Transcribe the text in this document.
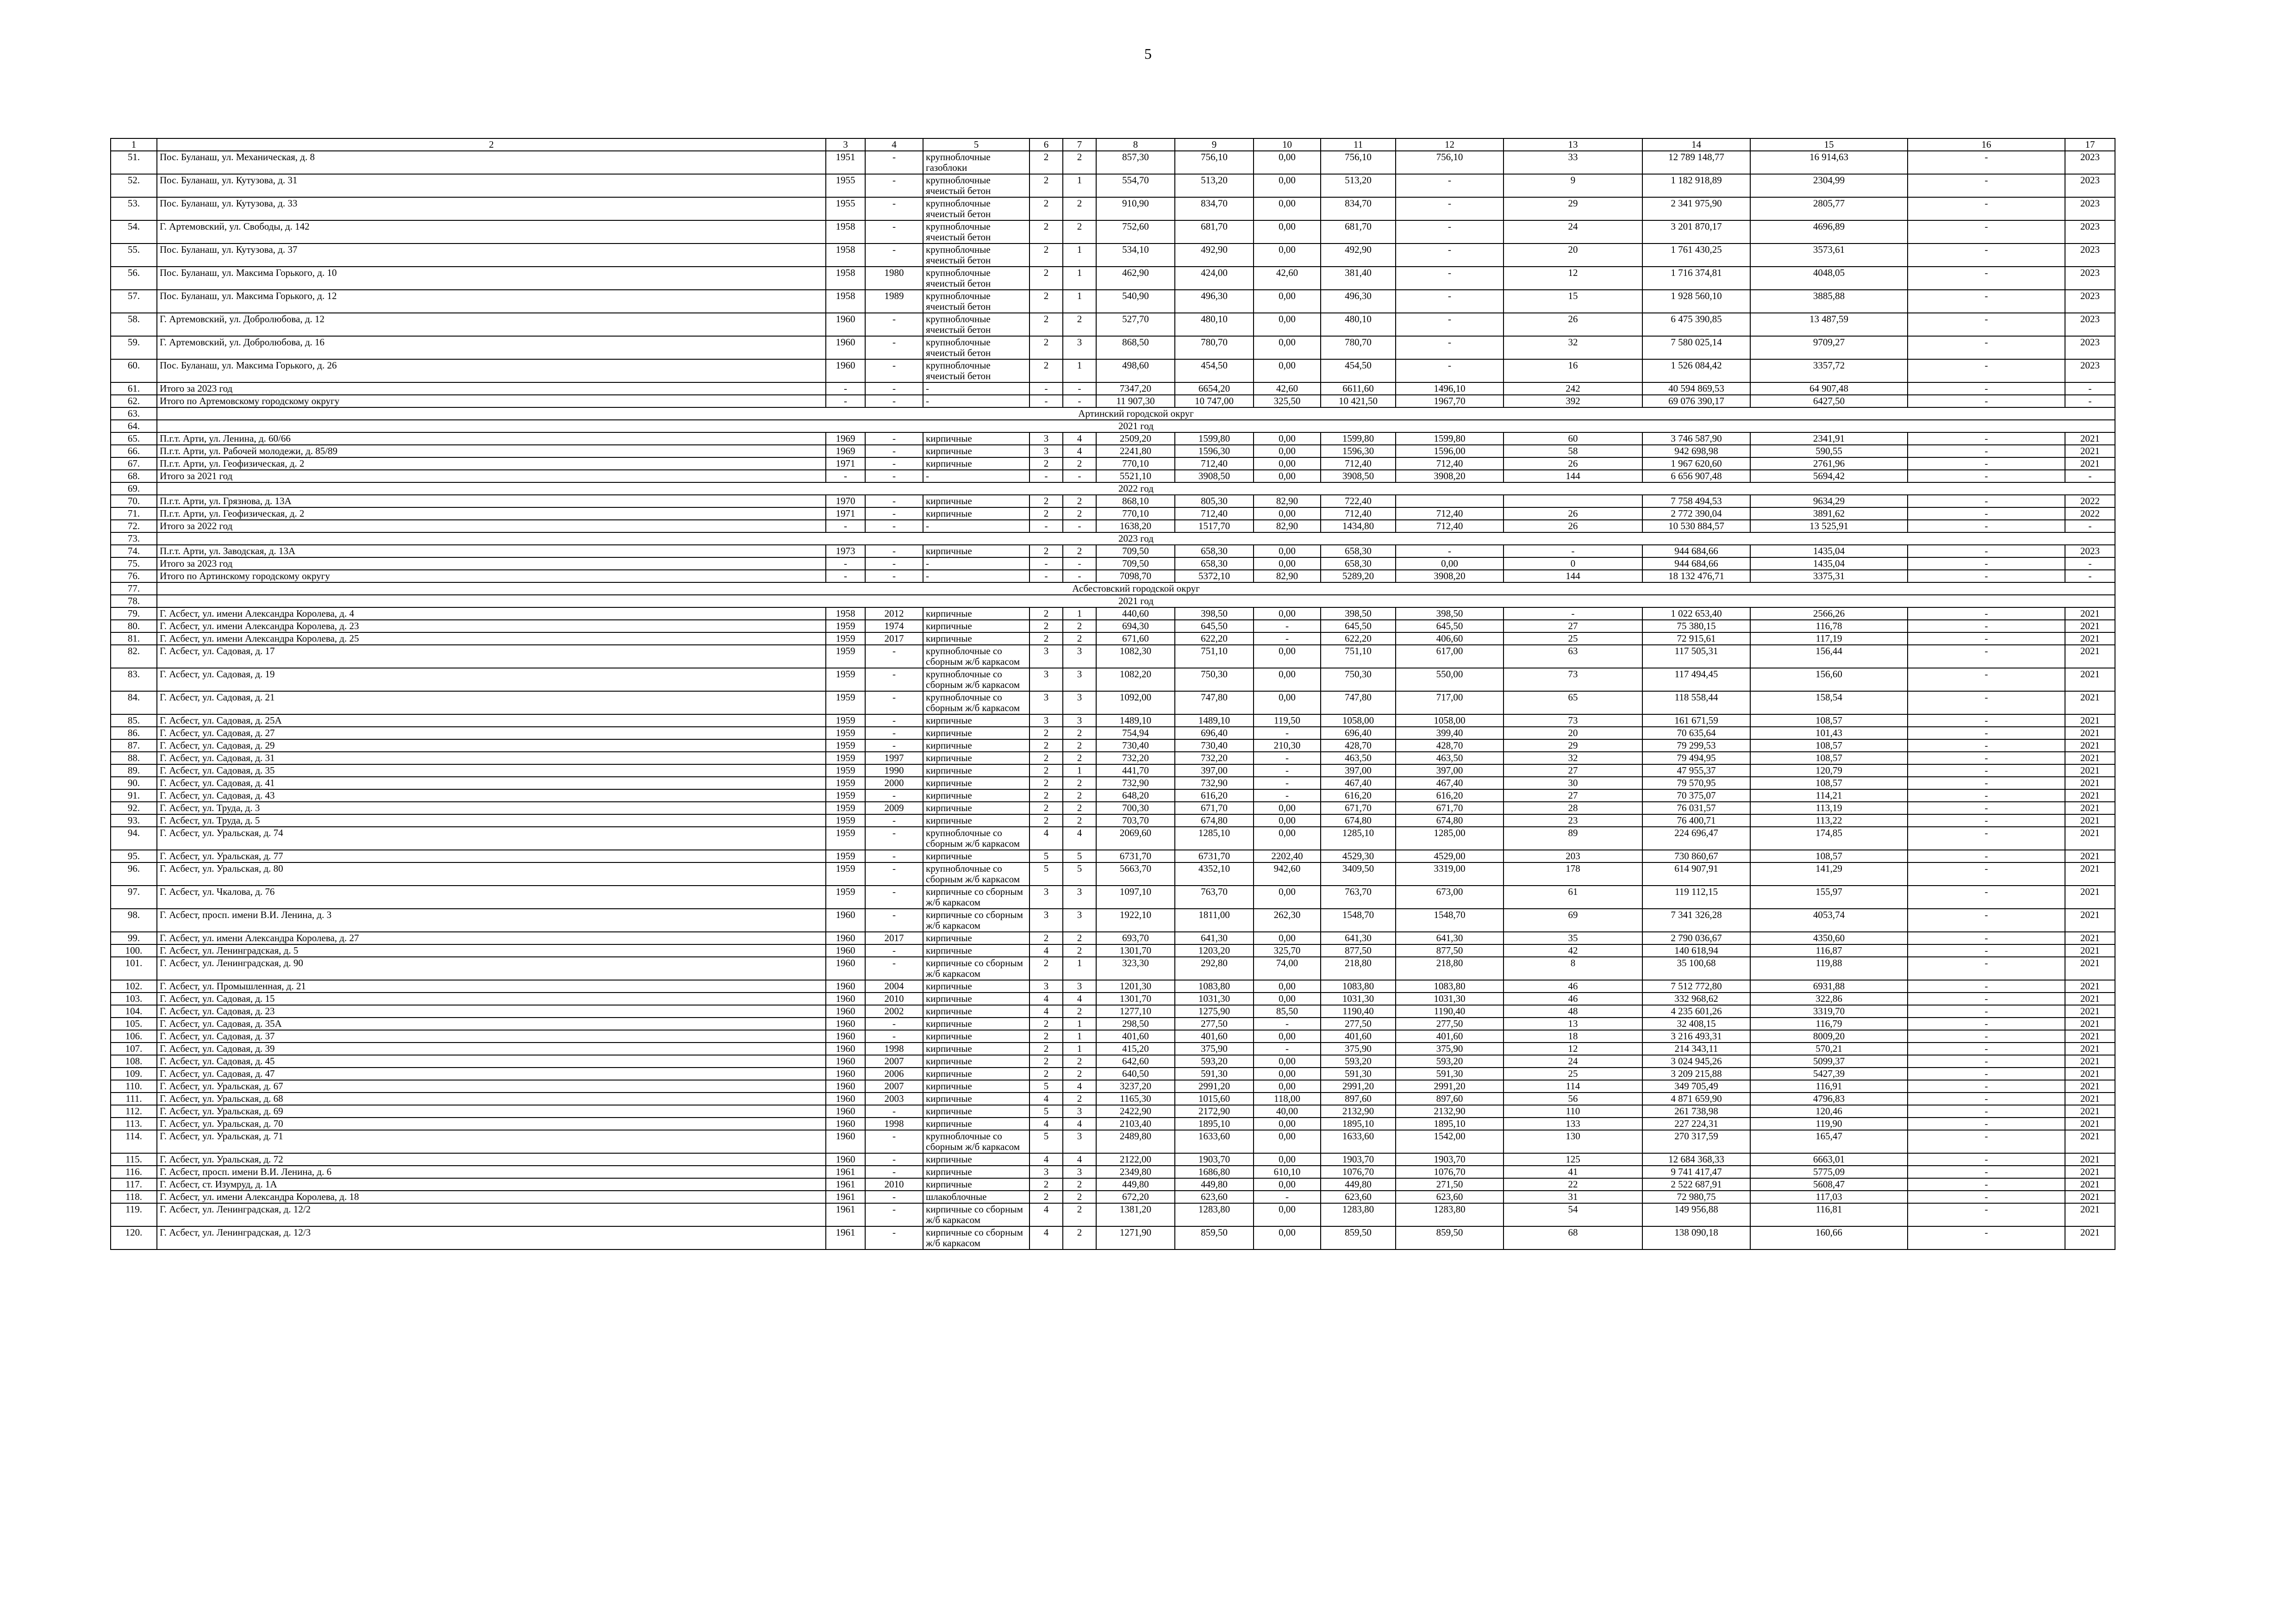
5
1	2	3	4	5	6	7	8	9	10	11	12	13	14	15	16	17
51.	Пос. Буланаш, ул. Механическая, д. 8	1951	-	крупноблочные газоблоки	2	2	857,30	756,10	0,00	756,10	756,10	33	12 789 148,77	16 914,63	-	2023
52.	Пос. Буланаш, ул. Кутузова, д. 31	1955	-	крупноблочные ячеистый бетон	2	1	554,70	513,20	0,00	513,20	-	9	1 182 918,89	2304,99	-	2023
53.	Пос. Буланаш, ул. Кутузова, д. 33	1955	-	крупноблочные ячеистый бетон	2	2	910,90	834,70	0,00	834,70	-	29	2 341 975,90	2805,77	-	2023
54.	Г. Артемовский, ул. Свободы, д. 142	1958	-	крупноблочные ячеистый бетон	2	2	752,60	681,70	0,00	681,70	-	24	3 201 870,17	4696,89	-	2023
55.	Пос. Буланаш, ул. Кутузова, д. 37	1958	-	крупноблочные ячеистый бетон	2	1	534,10	492,90	0,00	492,90	-	20	1 761 430,25	3573,61	-	2023
56.	Пос. Буланаш, ул. Максима Горького, д. 10	1958	1980	крупноблочные ячеистый бетон	2	1	462,90	424,00	42,60	381,40	-	12	1 716 374,81	4048,05	-	2023
57.	Пос. Буланаш, ул. Максима Горького, д. 12	1958	1989	крупноблочные ячеистый бетон	2	1	540,90	496,30	0,00	496,30	-	15	1 928 560,10	3885,88	-	2023
58.	Г. Артемовский, ул. Добролюбова, д. 12	1960	-	крупноблочные ячеистый бетон	2	2	527,70	480,10	0,00	480,10	-	26	6 475 390,85	13 487,59	-	2023
59.	Г. Артемовский, ул. Добролюбова, д. 16	1960	-	крупноблочные ячеистый бетон	2	3	868,50	780,70	0,00	780,70	-	32	7 580 025,14	9709,27	-	2023
60.	Пос. Буланаш, ул. Максима Горького, д. 26	1960	-	крупноблочные ячеистый бетон	2	1	498,60	454,50	0,00	454,50	-	16	1 526 084,42	3357,72	-	2023
61.	Итого за 2023 год	-	-	-	-	-	7347,20	6654,20	42,60	6611,60	1496,10	242	40 594 869,53	64 907,48	-	-
62.	Итого по Артемовскому городскому округу	-	-	-	-	-	11 907,30	10 747,00	325,50	10 421,50	1967,70	392	69 076 390,17	6427,50	-	-
63.	Артинский городской округ															
64.	2021 год															
65.	П.г.т. Арти, ул. Ленина, д. 60/66	1969	-	кирпичные	3	4	2509,20	1599,80	0,00	1599,80	1599,80	60	3 746 587,90	2341,91	-	2021
66.	П.г.т. Арти, ул. Рабочей молодежи, д. 85/89	1969	-	кирпичные	3	4	2241,80	1596,30	0,00	1596,30	1596,00	58	942 698,98	590,55	-	2021
67.	П.г.т. Арти, ул. Геофизическая, д. 2	1971	-	кирпичные	2	2	770,10	712,40	0,00	712,40	712,40	26	1 967 620,60	2761,96	-	2021
68.	Итого за 2021 год	-	-	-	-	-	5521,10	3908,50	0,00	3908,50	3908,20	144	6 656 907,48	5694,42	-	-
69.	2022 год															
70.	П.г.т. Арти, ул. Грязнова, д. 13А	1970	-	кирпичные	2	2	868,10	805,30	82,90	722,40			7 758 494,53	9634,29	-	2022
71.	П.г.т. Арти, ул. Геофизическая, д. 2	1971	-	кирпичные	2	2	770,10	712,40	0,00	712,40	712,40	26	2 772 390,04	3891,62	-	2022
72.	Итого за 2022 год	-	-	-	-	-	1638,20	1517,70	82,90	1434,80	712,40	26	10 530 884,57	13 525,91	-	-
73.	2023 год															
74.	П.г.т. Арти, ул. Заводская, д. 13А	1973	-	кирпичные	2	2	709,50	658,30	0,00	658,30	-	-	944 684,66	1435,04	-	2023
75.	Итого за 2023 год	-	-	-	-	-	709,50	658,30	0,00	658,30	0,00	0	944 684,66	1435,04	-	-
76.	Итого по Артинскому городскому округу	-	-	-	-	-	7098,70	5372,10	82,90	5289,20	3908,20	144	18 132 476,71	3375,31	-	-
77.	Асбестовский городской округ															
78.	2021 год															
79.	Г. Асбест, ул. имени Александра Королева, д. 4	1958	2012	кирпичные	2	1	440,60	398,50	0,00	398,50	398,50	-	1 022 653,40	2566,26	-	2021
80.	Г. Асбест, ул. имени Александра Королева, д. 23	1959	1974	кирпичные	2	2	694,30	645,50	-	645,50	645,50	27	75 380,15	116,78	-	2021
81.	Г. Асбест, ул. имени Александра Королева, д. 25	1959	2017	кирпичные	2	2	671,60	622,20	-	622,20	406,60	25	72 915,61	117,19	-	2021
82.	Г. Асбест, ул. Садовая, д. 17	1959	-	крупноблочные со сборным ж/б каркасом	3	3	1082,30	751,10	0,00	751,10	617,00	63	117 505,31	156,44	-	2021
83.	Г. Асбест, ул. Садовая, д. 19	1959	-	крупноблочные со сборным ж/б каркасом	3	3	1082,20	750,30	0,00	750,30	550,00	73	117 494,45	156,60	-	2021
84.	Г. Асбест, ул. Садовая, д. 21	1959	-	крупноблочные со сборным ж/б каркасом	3	3	1092,00	747,80	0,00	747,80	717,00	65	118 558,44	158,54	-	2021
85.	Г. Асбест, ул. Садовая, д. 25А	1959	-	кирпичные	3	3	1489,10	1489,10	119,50	1058,00	1058,00	73	161 671,59	108,57	-	2021
86.	Г. Асбест, ул. Садовая, д. 27	1959	-	кирпичные	2	2	754,94	696,40	-	696,40	399,40	20	70 635,64	101,43	-	2021
87.	Г. Асбест, ул. Садовая, д. 29	1959	-	кирпичные	2	2	730,40	730,40	210,30	428,70	428,70	29	79 299,53	108,57	-	2021
88.	Г. Асбест, ул. Садовая, д. 31	1959	1997	кирпичные	2	2	732,20	732,20	-	463,50	463,50	32	79 494,95	108,57	-	2021
89.	Г. Асбест, ул. Садовая, д. 35	1959	1990	кирпичные	2	1	441,70	397,00	-	397,00	397,00	27	47 955,37	120,79	-	2021
90.	Г. Асбест, ул. Садовая, д. 41	1959	2000	кирпичные	2	2	732,90	732,90	-	467,40	467,40	30	79 570,95	108,57	-	2021
91.	Г. Асбест, ул. Садовая, д. 43	1959	-	кирпичные	2	2	648,20	616,20	-	616,20	616,20	27	70 375,07	114,21	-	2021
92.	Г. Асбест, ул. Труда, д. 3	1959	2009	кирпичные	2	2	700,30	671,70	0,00	671,70	671,70	28	76 031,57	113,19	-	2021
93.	Г. Асбест, ул. Труда, д. 5	1959	-	кирпичные	2	2	703,70	674,80	0,00	674,80	674,80	23	76 400,71	113,22	-	2021
94.	Г. Асбест, ул. Уральская, д. 74	1959	-	крупноблочные со сборным ж/б каркасом	4	4	2069,60	1285,10	0,00	1285,10	1285,00	89	224 696,47	174,85	-	2021
95.	Г. Асбест, ул. Уральская, д. 77	1959	-	кирпичные	5	5	6731,70	6731,70	2202,40	4529,30	4529,00	203	730 860,67	108,57	-	2021
96.	Г. Асбест, ул. Уральская, д. 80	1959	-	крупноблочные со сборным ж/б каркасом	5	5	5663,70	4352,10	942,60	3409,50	3319,00	178	614 907,91	141,29	-	2021
97.	Г. Асбест, ул. Чкалова, д. 76	1959	-	кирпичные со сборным ж/б каркасом	3	3	1097,10	763,70	0,00	763,70	673,00	61	119 112,15	155,97	-	2021
98.	Г. Асбест, просп. имени В.И. Ленина, д. 3	1960	-	кирпичные со сборным ж/б каркасом	3	3	1922,10	1811,00	262,30	1548,70	1548,70	69	7 341 326,28	4053,74	-	2021
99.	Г. Асбест, ул. имени Александра Королева, д. 27	1960	2017	кирпичные	2	2	693,70	641,30	0,00	641,30	641,30	35	2 790 036,67	4350,60	-	2021
100.	Г. Асбест, ул. Ленинградская, д. 5	1960	-	кирпичные	4	2	1301,70	1203,20	325,70	877,50	877,50	42	140 618,94	116,87	-	2021
101.	Г. Асбест, ул. Ленинградская, д. 90	1960	-	кирпичные со сборным ж/б каркасом	2	1	323,30	292,80	74,00	218,80	218,80	8	35 100,68	119,88	-	2021
102.	Г. Асбест, ул. Промышленная, д. 21	1960	2004	кирпичные	3	3	1201,30	1083,80	0,00	1083,80	1083,80	46	7 512 772,80	6931,88	-	2021
103.	Г. Асбест, ул. Садовая, д. 15	1960	2010	кирпичные	4	4	1301,70	1031,30	0,00	1031,30	1031,30	46	332 968,62	322,86	-	2021
104.	Г. Асбест, ул. Садовая, д. 23	1960	2002	кирпичные	4	2	1277,10	1275,90	85,50	1190,40	1190,40	48	4 235 601,26	3319,70	-	2021
105.	Г. Асбест, ул. Садовая, д. 35А	1960	-	кирпичные	2	1	298,50	277,50	-	277,50	277,50	13	32 408,15	116,79	-	2021
106.	Г. Асбест, ул. Садовая, д. 37	1960	-	кирпичные	2	1	401,60	401,60	0,00	401,60	401,60	18	3 216 493,31	8009,20	-	2021
107.	Г. Асбест, ул. Садовая, д. 39	1960	1998	кирпичные	2	1	415,20	375,90	-	375,90	375,90	12	214 343,11	570,21	-	2021
108.	Г. Асбест, ул. Садовая, д. 45	1960	2007	кирпичные	2	2	642,60	593,20	0,00	593,20	593,20	24	3 024 945,26	5099,37	-	2021
109.	Г. Асбест, ул. Садовая, д. 47	1960	2006	кирпичные	2	2	640,50	591,30	0,00	591,30	591,30	25	3 209 215,88	5427,39	-	2021
110.	Г. Асбест, ул. Уральская, д. 67	1960	2007	кирпичные	5	4	3237,20	2991,20	0,00	2991,20	2991,20	114	349 705,49	116,91	-	2021
111.	Г. Асбест, ул. Уральская, д. 68	1960	2003	кирпичные	4	2	1165,30	1015,60	118,00	897,60	897,60	56	4 871 659,90	4796,83	-	2021
112.	Г. Асбест, ул. Уральская, д. 69	1960	-	кирпичные	5	3	2422,90	2172,90	40,00	2132,90	2132,90	110	261 738,98	120,46	-	2021
113.	Г. Асбест, ул. Уральская, д. 70	1960	1998	кирпичные	4	4	2103,40	1895,10	0,00	1895,10	1895,10	133	227 224,31	119,90	-	2021
114.	Г. Асбест, ул. Уральская, д. 71	1960	-	крупноблочные со сборным ж/б каркасом	5	3	2489,80	1633,60	0,00	1633,60	1542,00	130	270 317,59	165,47	-	2021
115.	Г. Асбест, ул. Уральская, д. 72	1960	-	кирпичные	4	4	2122,00	1903,70	0,00	1903,70	1903,70	125	12 684 368,33	6663,01	-	2021
116.	Г. Асбест, просп. имени В.И. Ленина, д. 6	1961	-	кирпичные	3	3	2349,80	1686,80	610,10	1076,70	1076,70	41	9 741 417,47	5775,09	-	2021
117.	Г. Асбест, ст. Изумруд, д. 1А	1961	2010	кирпичные	2	2	449,80	449,80	0,00	449,80	271,50	22	2 522 687,91	5608,47	-	2021
118.	Г. Асбест, ул. имени Александра Королева, д. 18	1961	-	шлакоблочные	2	2	672,20	623,60	-	623,60	623,60	31	72 980,75	117,03	-	2021
119.	Г. Асбест, ул. Ленинградская, д. 12/2	1961	-	кирпичные со сборным ж/б каркасом	4	2	1381,20	1283,80	0,00	1283,80	1283,80	54	149 956,88	116,81	-	2021
120.	Г. Асбест, ул. Ленинградская, д. 12/3	1961	-	кирпичные со сборным ж/б каркасом	4	2	1271,90	859,50	0,00	859,50	859,50	68	138 090,18	160,66	-	2021
